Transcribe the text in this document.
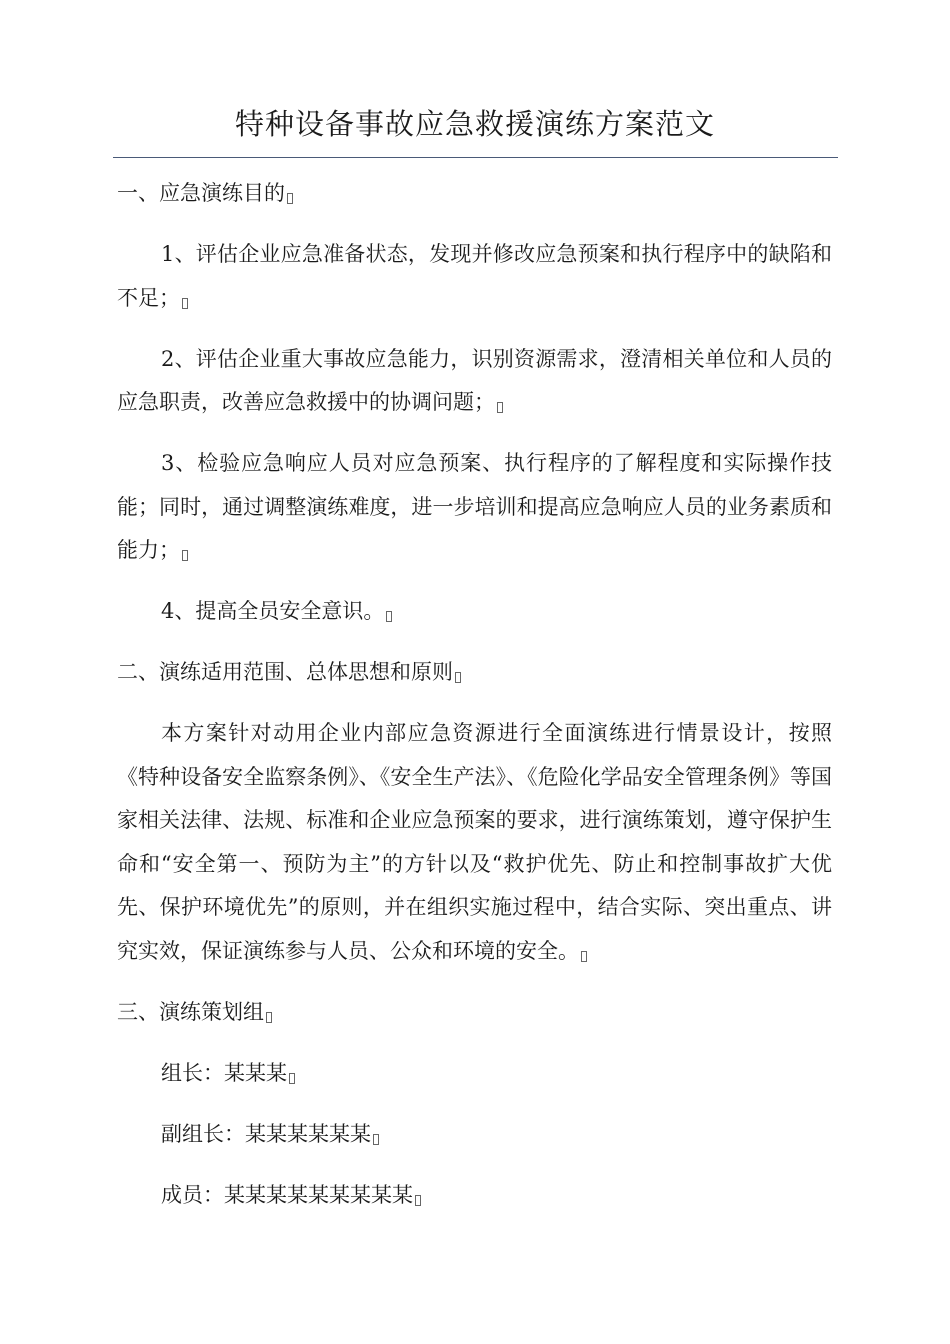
特种设备事故应急救援演练方案范文

一、应急演练目的

1、评估企业应急准备状态，发现并修改应急预案和执行程序中的缺陷和不足；

2、评估企业重大事故应急能力，识别资源需求，澄清相关单位和人员的应急职责，改善应急救援中的协调问题；

3、检验应急响应人员对应急预案、执行程序的了解程度和实际操作技能；同时，通过调整演练难度，进一步培训和提高应急响应人员的业务素质和能力；

4、提高全员安全意识。

二、演练适用范围、总体思想和原则

本方案针对动用企业内部应急资源进行全面演练进行情景设计，按照《特种设备安全监察条例》、《安全生产法》、《危险化学品安全管理条例》等国家相关法律、法规、标准和企业应急预案的要求，进行演练策划，遵守保护生命和“安全第一、预防为主”的方针以及“救护优先、防止和控制事故扩大优先、保护环境优先”的原则，并在组织实施过程中，结合实际、突出重点、讲究实效，保证演练参与人员、公众和环境的安全。

三、演练策划组

组长：某某某

副组长：某某某某某某

成员：某某某某某某某某某
